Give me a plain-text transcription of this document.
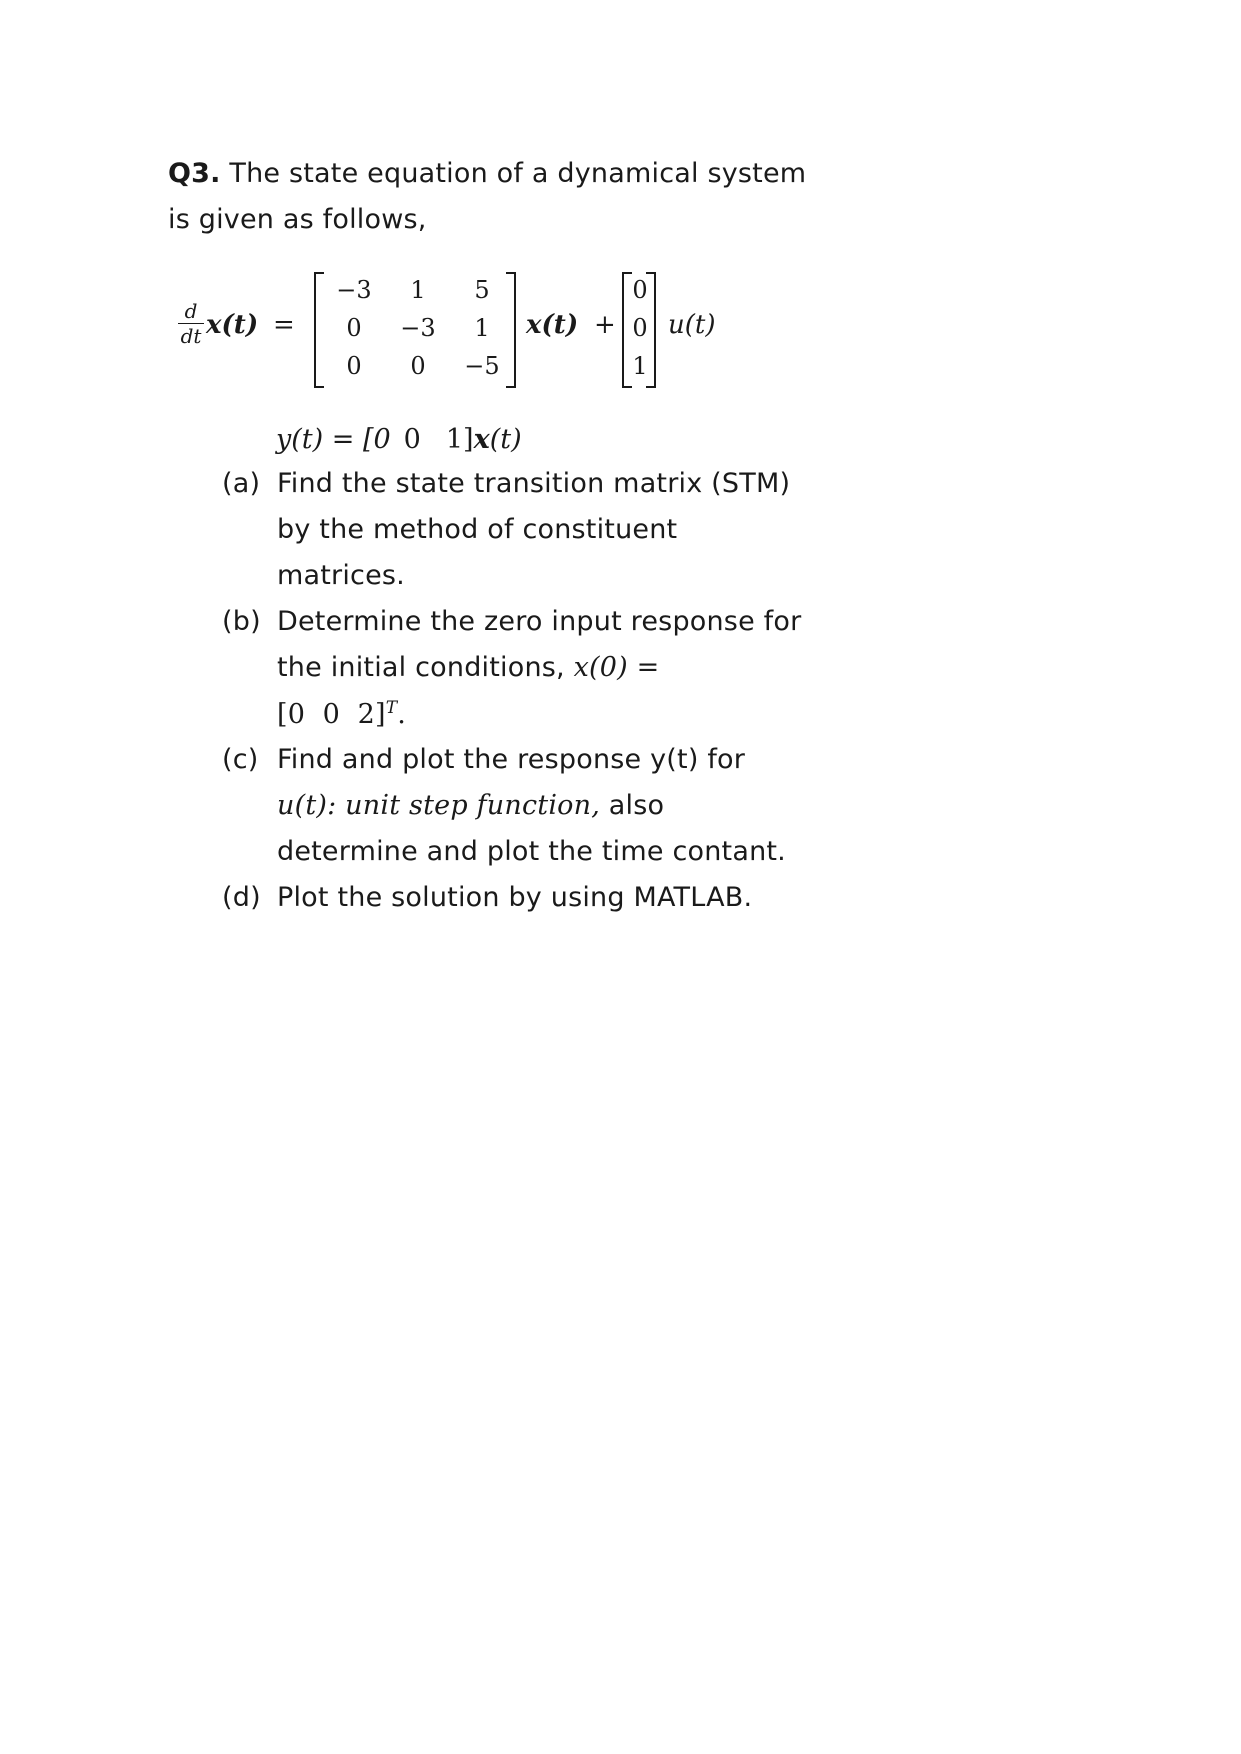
Q3. The state equation of a dynamical system
is given as follows,
d
dt x(t) =
−3	1	5
0	−3	1
0	0	−5
x(t) +
0
0
1
u(t)
y(t) = [0 0 1]x(t)
(a) Find the state transition matrix (STM)
by the method of constituent
matrices.
(b) Determine the zero input response for
the initial conditions, x(0) =
[0  0  2]$^T$.
(c) Find and plot the response y(t) for
u(t): unit step function, also
determine and plot the time contant.
(d) Plot the solution by using MATLAB.
